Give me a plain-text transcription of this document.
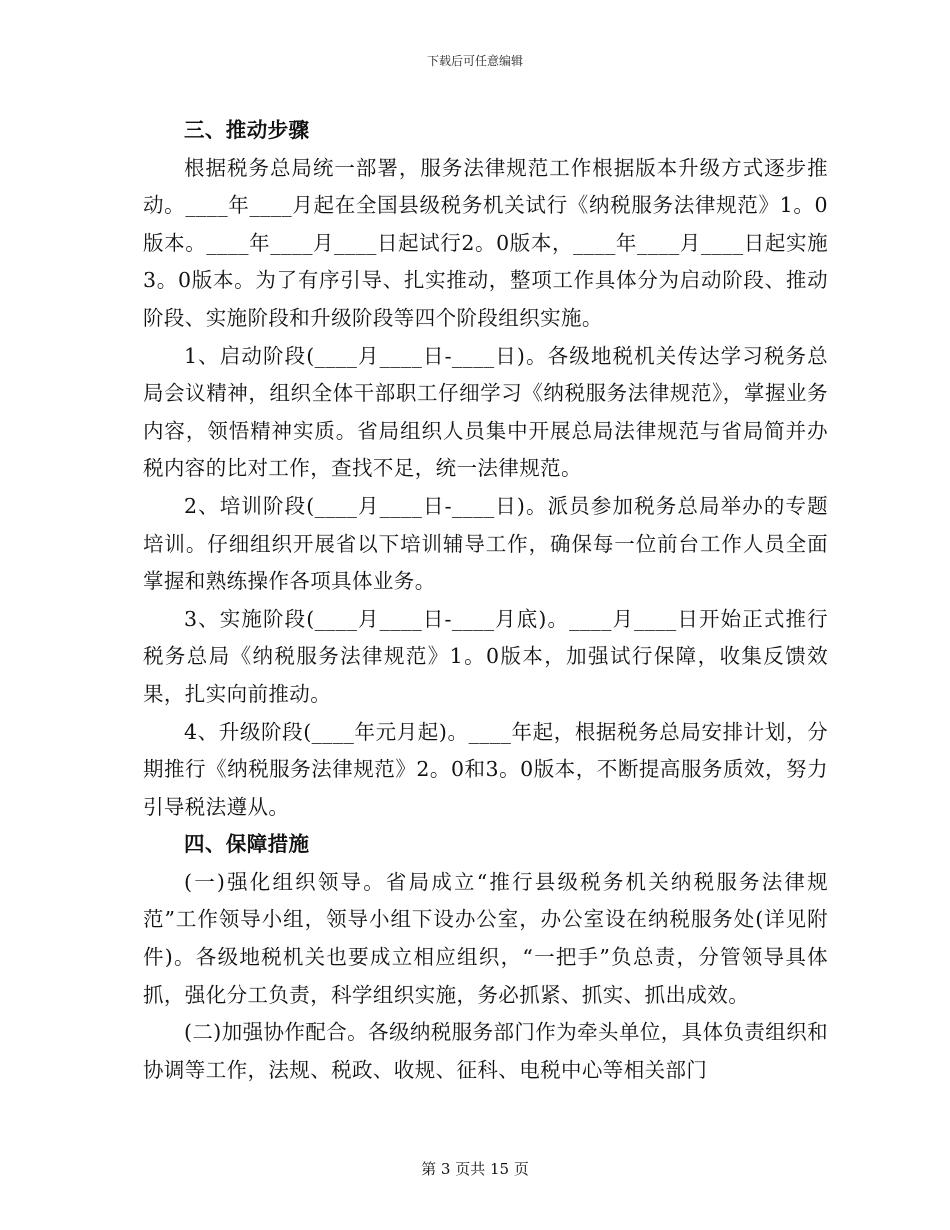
下载后可任意编辑

三、推动步骤

根据税务总局统一部署，服务法律规范工作根据版本升级方式逐步推动。____年____月起在全国县级税务机关试行《纳税服务法律规范》1。0版本。____年____月____日起试行2。0版本，____年____月____日起实施3。0版本。为了有序引导、扎实推动，整项工作具体分为启动阶段、推动阶段、实施阶段和升级阶段等四个阶段组织实施。

1、启动阶段(____月____日-____日)。各级地税机关传达学习税务总局会议精神，组织全体干部职工仔细学习《纳税服务法律规范》，掌握业务内容，领悟精神实质。省局组织人员集中开展总局法律规范与省局简并办税内容的比对工作，查找不足，统一法律规范。

2、培训阶段(____月____日-____日)。派员参加税务总局举办的专题培训。仔细组织开展省以下培训辅导工作，确保每一位前台工作人员全面掌握和熟练操作各项具体业务。

3、实施阶段(____月____日-____月底)。____月____日开始正式推行税务总局《纳税服务法律规范》1。0版本，加强试行保障，收集反馈效果，扎实向前推动。

4、升级阶段(____年元月起)。____年起，根据税务总局安排计划，分期推行《纳税服务法律规范》2。0和3。0版本，不断提高服务质效，努力引导税法遵从。

四、保障措施

(一)强化组织领导。省局成立“推行县级税务机关纳税服务法律规范”工作领导小组，领导小组下设办公室，办公室设在纳税服务处(详见附件)。各级地税机关也要成立相应组织，“一把手”负总责，分管领导具体抓，强化分工负责，科学组织实施，务必抓紧、抓实、抓出成效。

(二)加强协作配合。各级纳税服务部门作为牵头单位，具体负责组织和协调等工作，法规、税政、收规、征科、电税中心等相关部门

第 3 页共 15 页
